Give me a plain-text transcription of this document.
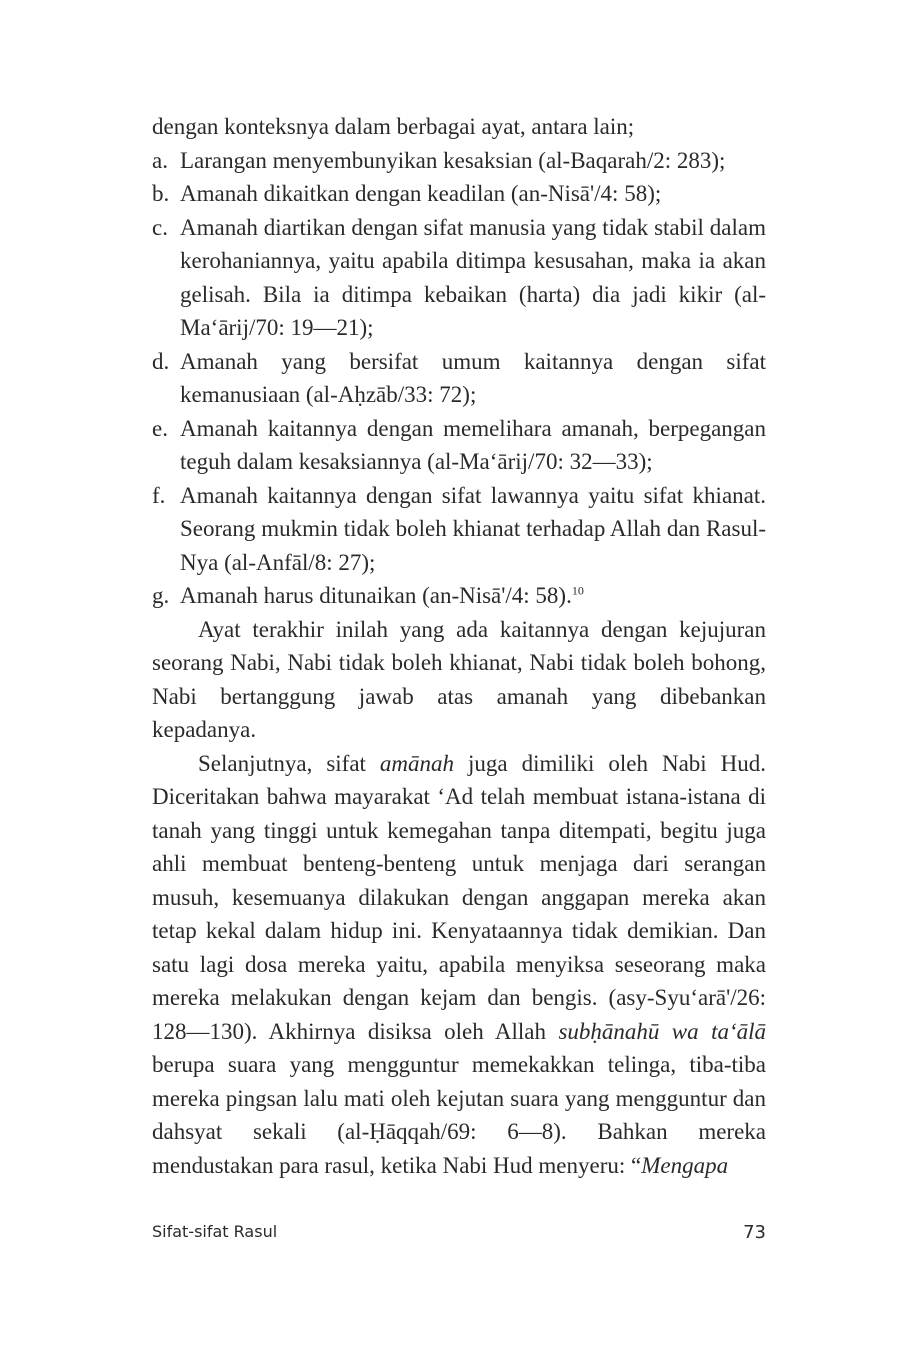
dengan konteksnya dalam berbagai ayat, antara lain;

a. Larangan menyembunyikan kesaksian (al-Baqarah/2: 283);
b. Amanah dikaitkan dengan keadilan (an-Nisā'/4: 58);
c. Amanah diartikan dengan sifat manusia yang tidak stabil dalam kerohaniannya, yaitu apabila ditimpa kesusahan, maka ia akan gelisah. Bila ia ditimpa kebaikan (harta) dia jadi kikir (al-Ma‘ārij/70: 19—21);
d. Amanah yang bersifat umum kaitannya dengan sifat kemanusiaan (al-Aḥzāb/33: 72);
e. Amanah kaitannya dengan memelihara amanah, berpegangan teguh dalam kesaksiannya (al-Ma‘ārij/70: 32—33);
f. Amanah kaitannya dengan sifat lawannya yaitu sifat khianat. Seorang mukmin tidak boleh khianat terhadap Allah dan Rasul-Nya (al-Anfāl/8: 27);
g. Amanah harus ditunaikan (an-Nisā'/4: 58).$^{10}$

Ayat terakhir inilah yang ada kaitannya dengan kejujuran seorang Nabi, Nabi tidak boleh khianat, Nabi tidak boleh bohong, Nabi bertanggung jawab atas amanah yang dibebankan kepadanya.

Selanjutnya, sifat amānah juga dimiliki oleh Nabi Hud. Diceritakan bahwa mayarakat ‘Ad telah membuat istana-istana di tanah yang tinggi untuk kemegahan tanpa ditempati, begitu juga ahli membuat benteng-benteng untuk menjaga dari serangan musuh, kesemuanya dilakukan dengan anggapan mereka akan tetap kekal dalam hidup ini. Kenyataannya tidak demikian. Dan satu lagi dosa mereka yaitu, apabila menyiksa seseorang maka mereka melakukan dengan kejam dan bengis. (asy-Syu‘arā'/26: 128—130). Akhirnya disiksa oleh Allah subḥānahū wa ta‘ālā berupa suara yang mengguntur memekakkan telinga, tiba-tiba mereka pingsan lalu mati oleh kejutan suara yang mengguntur dan dahsyat sekali (al-Ḥāqqah/69: 6—8). Bahkan mereka mendustakan para rasul, ketika Nabi Hud menyeru: “Mengapa

Sifat-sifat Rasul	73
